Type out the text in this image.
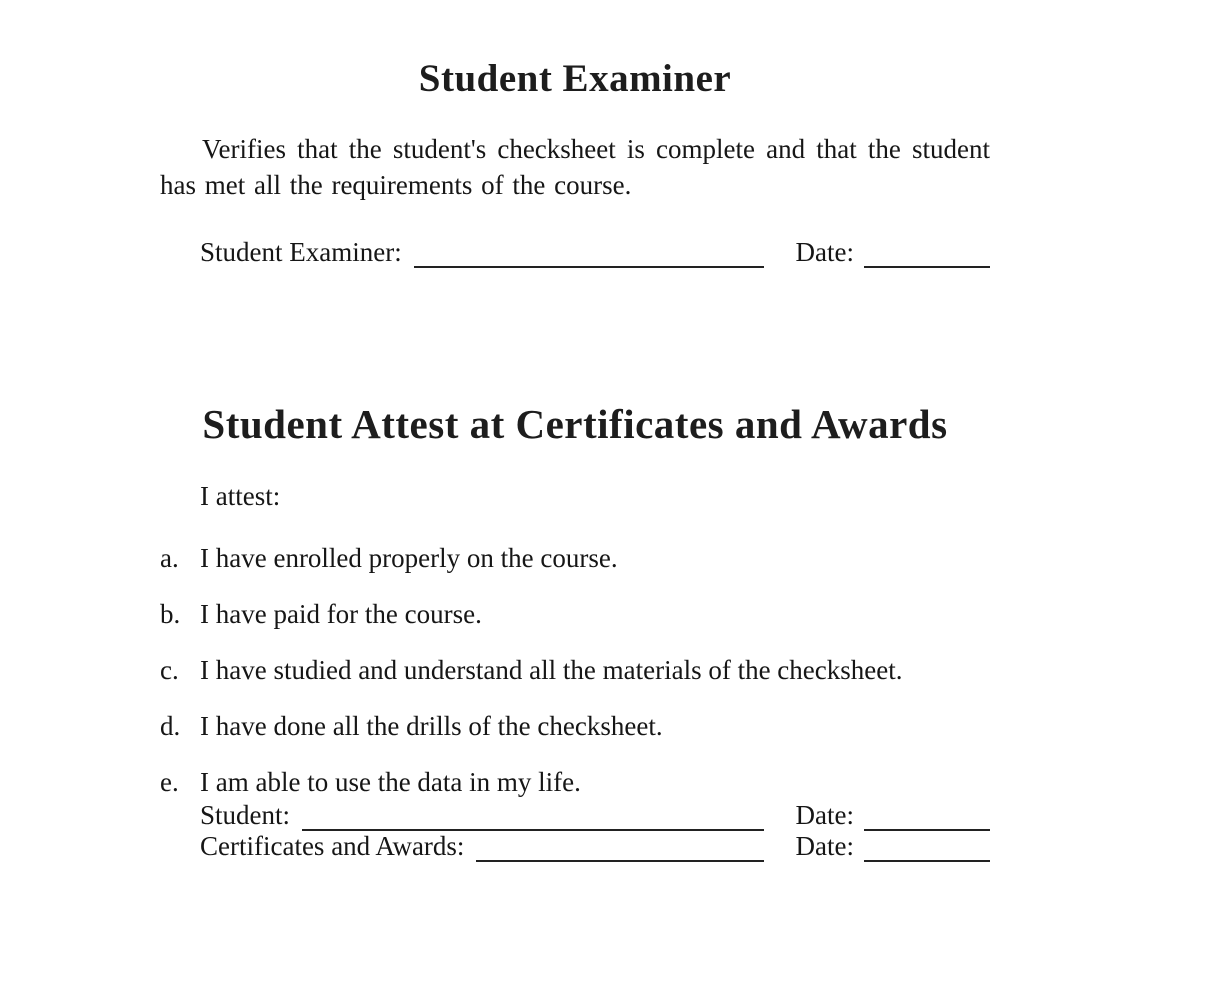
Student Examiner
Verifies that the student's checksheet is complete and that the student has met all the requirements of the course.
Student Examiner:	Date:
Student Attest at Certificates and Awards
I attest:
a. I have enrolled properly on the course.
b. I have paid for the course.
c. I have studied and understand all the materials of the checksheet.
d. I have done all the drills of the checksheet.
e. I am able to use the data in my life.
Student:	Date:
Certificates and Awards:	Date:
